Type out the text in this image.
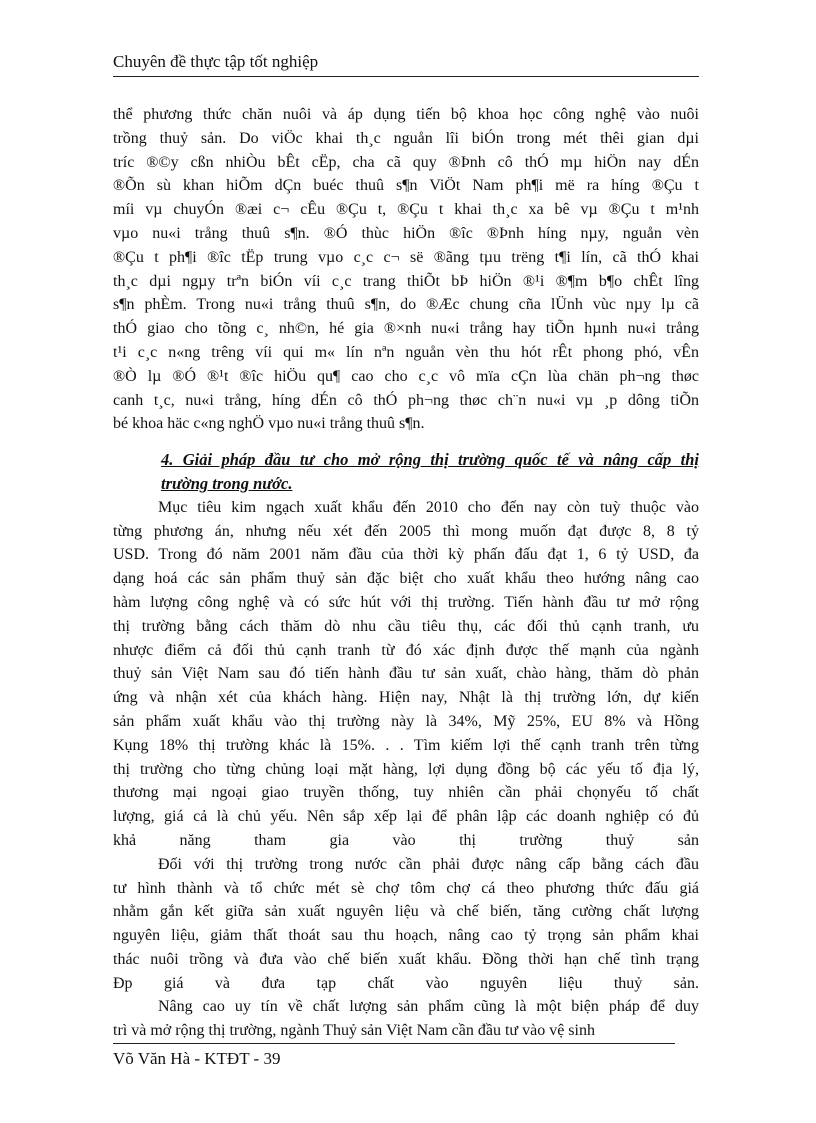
Chuyên đề thực tập tốt nghiệp
thể phương thức chăn nuôi và áp dụng tiến bộ khoa học công nghệ vào nuôi
trồng thuỷ sản. Do viÖc khai th¸c nguån lîi biÓn trong mét thêi gian dµi
tríc ®©y cßn nhiÒu bÊt cËp, cha cã quy ®Þnh cô thÓ mµ hiÖn nay dÉn
®Õn sù khan hiÕm dÇn buéc thuû s¶n ViÖt Nam ph¶i më ra híng ®Çu t
míi vµ chuyÓn ®æi c¬ cÊu ®Çu t, ®Çu t khai th¸c xa bê vµ ®Çu t m¹nh
vµo nu«i trång thuû s¶n. ®Ó thùc hiÖn ®îc ®Þnh híng nµy, nguån vèn
®Çu t ph¶i ®îc tËp trung vµo c¸c c¬ së ®ãng tµu trëng t¶i lín, cã thÓ khai
th¸c dµi ngµy trªn biÓn víi c¸c trang thiÕt bÞ hiÖn ®¹i ®¶m b¶o chÊt lîng
s¶n phÈm. Trong nu«i trång thuû s¶n, do ®Æc chung cña lÜnh vùc nµy lµ cã
thÓ giao cho tõng c¸ nh©n, hé gia ®×nh nu«i trång hay tiÕn hµnh nu«i trång
t¹i c¸c n«ng trêng víi qui m« lín nªn nguån vèn thu hót rÊt phong phó, vÊn
®Ò lµ ®Ó ®¹t ®îc hiÖu qu¶ cao cho c¸c vô mïa cÇn lùa chän ph¬ng thøc
canh t¸c, nu«i trång, híng dÉn cô thÓ ph¬ng thøc ch¨n nu«i vµ ¸p dông tiÕn
bé khoa häc c«ng nghÖ vµo nu«i trång thuû s¶n.
4. Giải pháp đầu tư cho mở rộng thị trường quốc tế và nâng cấp thị
trường trong nước.
Mục tiêu kim ngạch xuất khẩu đến 2010 cho đến nay còn tuỳ thuộc vào
từng phương án, nhưng nếu xét đến 2005 thì mong muốn đạt được 8, 8 tỷ
USD. Trong đó năm 2001 năm đầu của thời kỳ phấn đấu đạt 1, 6 tỷ USD, đa
dạng hoá các sản phẩm thuỷ sản đặc biệt cho xuất khẩu theo hướng nâng cao
hàm lượng công nghệ và có sức hút với thị trường. Tiến hành đầu tư mở rộng
thị trường bằng cách thăm dò nhu cầu tiêu thụ, các đối thủ cạnh tranh, ưu
nhược điểm cả đối thủ cạnh tranh từ đó xác định được thế mạnh của ngành
thuỷ sản Việt Nam sau đó tiến hành đầu tư sản xuất, chào hàng, thăm dò phản
ứng và nhận xét của khách hàng. Hiện nay, Nhật là thị trường lớn, dự kiến
sản phẩm xuất khẩu vào thị trường này là 34%, Mỹ 25%, EU 8% và Hồng
Kụng 18% thị trường khác là 15%. . . Tìm kiếm lợi thế cạnh tranh trên từng
thị trường cho từng chủng loại mặt hàng, lợi dụng đồng bộ các yếu tố địa lý,
thương mại ngoại giao truyền thống, tuy nhiên cần phải chọnyếu tố chất
lượng, giá cả là chủ yếu. Nên sắp xếp lại để phân lập các doanh nghiệp có đủ
khả năng tham gia vào thị trường thuỷ sản
Đối với thị trường trong nước cần phải được nâng cấp bằng cách đầu
tư hình thành và tổ chức mét sè chợ tôm chợ cá theo phương thức đấu giá
nhằm gắn kết giữa sản xuất nguyên liệu và chế biến, tăng cường chất lượng
nguyên liệu, giảm thất thoát sau thu hoạch, nâng cao tỷ trọng sản phẩm khai
thác nuôi trồng và đưa vào chế biến xuất khẩu. Đồng thời hạn chế tình trạng
Ðp giá và đưa tạp chất vào nguyên liệu thuỷ sản.
Nâng cao uy tín về chất lượng sản phẩm cũng là một biện pháp để duy
trì và mở rộng thị trường, ngành Thuỷ sản Việt Nam cần đầu tư vào vệ sinh
Võ Văn Hà - KTĐT - 39
